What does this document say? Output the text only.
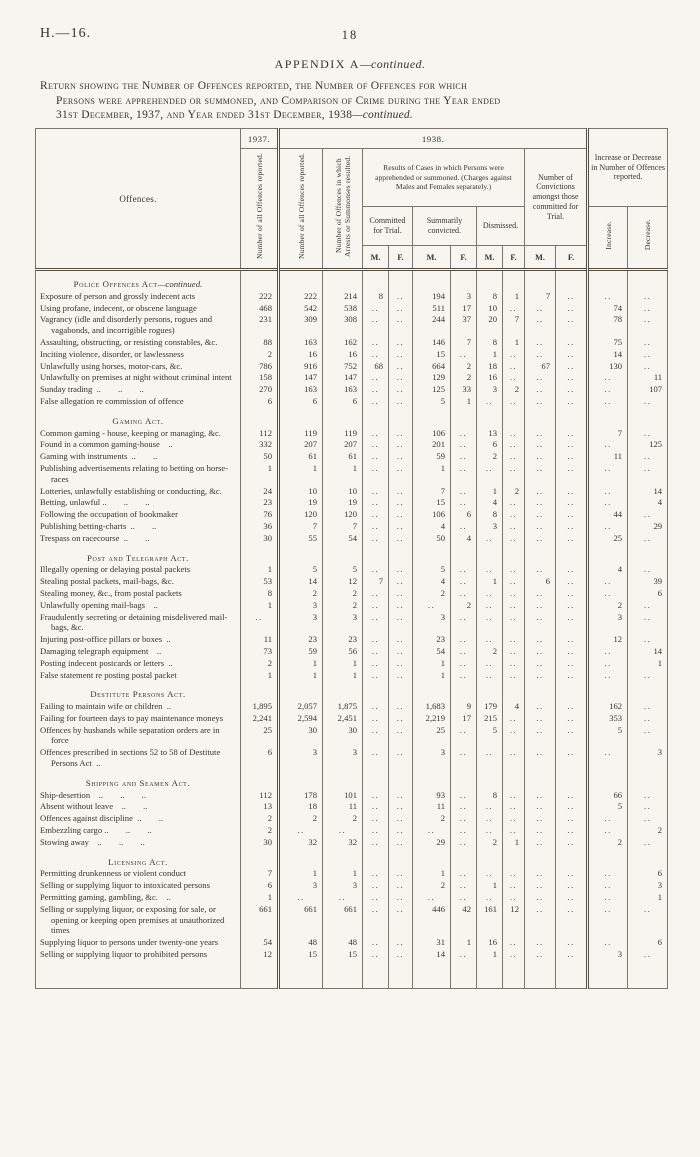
H.—16.	18
APPENDIX A—continued.
Return showing the Number of Offences reported, the Number of Offences for which
Persons were apprehended or summoned, and Comparison of Crime during the Year ended
31st December, 1937, and Year ended 31st December, 1938—continued.
Offences.	1937.	1938.										Increase or Decrease in Number of Offences reported.	
	Number of all Offences reported.	Number of all Offences reported.	Number of Offences in which Arrests or Summonses resulted.	Results of Cases in which Persons were apprehended or summoned. (Charges against Males and Females separately.)						Number of Convictions amongst those committed for Trial.			
				Committed for Trial.		Summarily convicted.		Dismissed.				Increase.	Decrease.
				M.	F.	M.	F.	M.	F.	M.	F.		
Police Offences Act—continued.													
Exposure of person and grossly indecent acts	222	222	214	8	..	194	3	8	1	7	..	..	..
Using profane, indecent, or obscene language	468	542	538	..	..	511	17	10	..	..	..	74	..
Vagrancy (idle and disorderly persons, rogues and vagabonds, and incorrigible rogues)	231	309	308	..	..	244	37	20	7	..	..	78	..
Assaulting, obstructing, or resisting constables, &c.	88	163	162	..	..	146	7	8	1	..	..	75	..
Inciting violence, disorder, or lawlessness	2	16	16	..	..	15	..	1	..	..	..	14	..
Unlawfully using horses, motor-cars, &c.	786	916	752	68	..	664	2	18	..	67	..	130	..
Unlawfully on premises at night without criminal intent	158	147	147	..	..	129	2	16	..	..	..	..	11
Sunday trading ..  ..  ..	270	163	163	..	..	125	33	3	2	..	..	..	107
False allegation re commission of offence	6	6	6	..	..	5	1	..	..	..	..	..	..
Gaming Act.													
Common gaming - house, keeping or managing, &c.	112	119	119	..	..	106	..	13	..	..	..	7	..
Found in a common gaming-house ..	332	207	207	..	..	201	..	6	..	..	..	..	125
Gaming with instruments ..  ..	50	61	61	..	..	59	..	2	..	..	..	11	..
Publishing advertisements relating to betting on horse-races	1	1	1	..	..	1	..	..	..	..	..	..	..
Lotteries, unlawfully establishing or conducting, &c.	24	10	10	..	..	7	..	1	2	..	..	..	14
Betting, unlawful ..  ..  ..	23	19	19	..	..	15	..	4	..	..	..	..	4
Following the occupation of bookmaker	76	120	120	..	..	106	6	8	..	..	..	44	..
Publishing betting-charts ..  ..	36	7	7	..	..	4	..	3	..	..	..	..	29
Trespass on racecourse ..  ..	30	55	54	..	..	50	4	..	..	..	..	25	..
Post and Telegraph Act.													
Illegally opening or delaying postal packets	1	5	5	..	..	5	..	..	..	..	..	4	..
Stealing postal packets, mail-bags, &c.	53	14	12	7	..	4	..	1	..	6	..	..	39
Stealing money, &c., from postal packets	8	2	2	..	..	2	..	..	..	..	..	..	6
Unlawfully opening mail-bags ..	1	3	2	..	..	..	2	..	..	..	..	2	..
Fraudulently secreting or detaining misdelivered mail-bags, &c.	..	3	3	..	..	3	..	..	..	..	..	3	..
Injuring post-office pillars or boxes ..	11	23	23	..	..	23	..	..	..	..	..	12	..
Damaging telegraph equipment ..	73	59	56	..	..	54	..	2	..	..	..	..	14
Posting indecent postcards or letters ..	2	1	1	..	..	1	..	..	..	..	..	..	1
False statement re posting postal packet	1	1	1	..	..	1	..	..	..	..	..	..	..
Destitute Persons Act.													
Failing to maintain wife or children ..	1,895	2,057	1,875	..	..	1,683	9	179	4	..	..	162	..
Failing for fourteen days to pay maintenance moneys	2,241	2,594	2,451	..	..	2,219	17	215	..	..	..	353	..
Offences by husbands while separation orders are in force	25	30	30	..	..	25	..	5	..	..	..	5	..
Offences prescribed in sections 52 to 58 of Destitute Persons Act ..	6	3	3	..	..	3	..	..	..	..	..	..	3
Shipping and Seamen Act.													
Ship-desertion ..  ..  ..	112	178	101	..	..	93	..	8	..	..	..	66	..
Absent without leave ..  ..	13	18	11	..	..	11	..	..	..	..	..	5	..
Offences against discipline ..  ..	2	2	2	..	..	2	..	..	..	..	..	..	..
Embezzling cargo ..  ..  ..	2	..	..	..	..	..	..	..	..	..	..	..	2
Stowing away ..  ..  ..	30	32	32	..	..	29	..	2	1	..	..	2	..
Licensing Act.													
Permitting drunkenness or violent conduct	7	1	1	..	..	1	..	..	..	..	..	..	6
Selling or supplying liquor to intoxicated persons	6	3	3	..	..	2	..	1	..	..	..	..	3
Permitting gaming, gambling, &c. ..	1	..	..	..	..	..	..	..	..	..	..	..	1
Selling or supplying liquor, or exposing for sale, or opening or keeping open premises at unauthorized times	661	661	661	..	..	446	42	161	12	..	..	..	..
Supplying liquor to persons under twenty-one years	54	48	48	..	..	31	1	16	..	..	..	..	6
Selling or supplying liquor to prohibited persons	12	15	15	..	..	14	..	1	..	..	..	3	..
